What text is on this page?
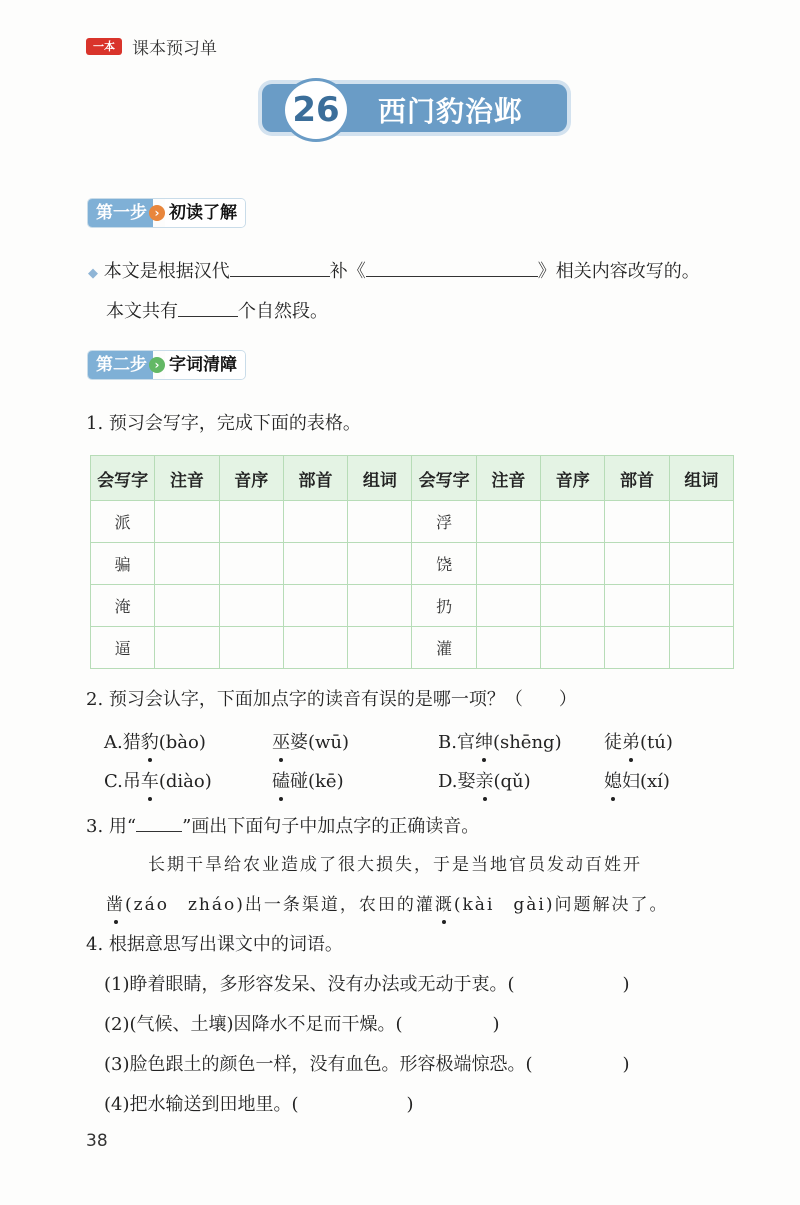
一本	课本预习单
26	西门豹治邺
第一步 › 初读了解
◆ 本文是根据汉代	补《	》相关内容改写的。
本文共有	个自然段。
第二步 › 字词清障
1. 预习会写字，完成下面的表格。
会写字	注音	音序	部首	组词	会写字	注音	音序	部首	组词
派					浮				
骗					饶				
淹					扔				
逼					灌				
2. 预习会认字，下面加点字的读音有误的是哪一项？（　　）
A.猎豹(bào)	巫婆(wū)	B.官绅(shēng) 徒弟(tú)
C.吊车(diào)	磕碰(kē)	D.娶亲(qǔ)	媳妇(xí)
3. 用“	”画出下面句子中加点字的正确读音。
长期干旱给农业造成了很大损失，于是当地官员发动百姓开
凿(záo　zháo)出一条渠道，农田的灌溉(kài　gài)问题解决了。
4. 根据意思写出课文中的词语。
(1)睁着眼睛，多形容发呆、没有办法或无动于衷。(　　　　　　)
(2)(气候、土壤)因降水不足而干燥。(　　　　　)
(3)脸色跟土的颜色一样，没有血色。形容极端惊恐。(　　　　　)
(4)把水输送到田地里。(　　　　　　)
38
